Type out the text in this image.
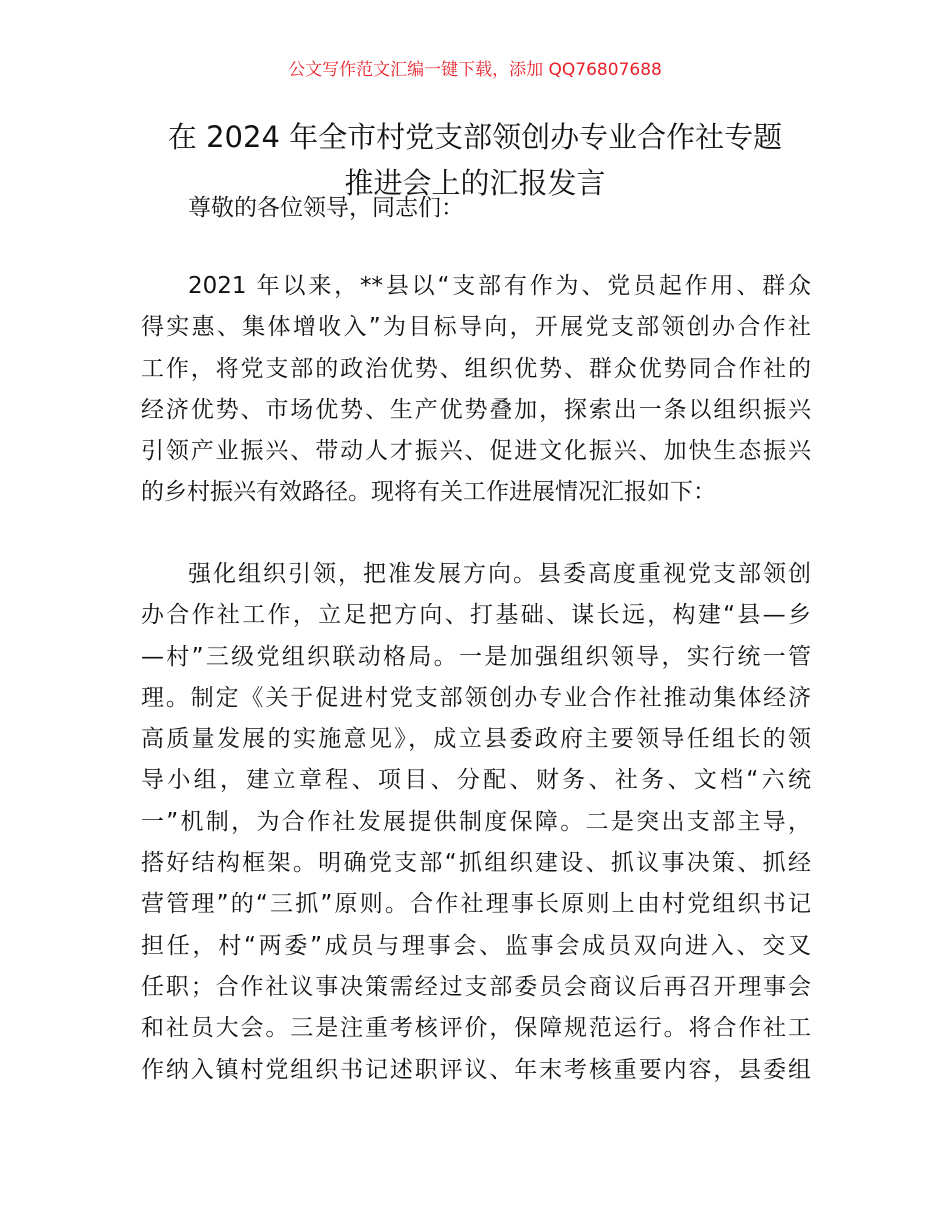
公文写作范文汇编一键下载，添加 QQ76807688
在 2024 年全市村党支部领创办专业合作社专题
推进会上的汇报发言
尊敬的各位领导，同志们：
2021 年以来，**县以“支部有作为、党员起作用、群众
得实惠、集体增收入”为目标导向，开展党支部领创办合作社
工作，将党支部的政治优势、组织优势、群众优势同合作社的
经济优势、市场优势、生产优势叠加，探索出一条以组织振兴
引领产业振兴、带动人才振兴、促进文化振兴、加快生态振兴
的乡村振兴有效路径。现将有关工作进展情况汇报如下：
强化组织引领，把准发展方向。县委高度重视党支部领创
办合作社工作，立足把方向、打基础、谋长远，构建“县—乡
—村”三级党组织联动格局。一是加强组织领导，实行统一管
理。制定《关于促进村党支部领创办专业合作社推动集体经济
高质量发展的实施意见》，成立县委政府主要领导任组长的领
导小组，建立章程、项目、分配、财务、社务、文档“六统
一”机制，为合作社发展提供制度保障。二是突出支部主导，
搭好结构框架。明确党支部“抓组织建设、抓议事决策、抓经
营管理”的“三抓”原则。合作社理事长原则上由村党组织书记
担任，村“两委”成员与理事会、监事会成员双向进入、交叉
任职；合作社议事决策需经过支部委员会商议后再召开理事会
和社员大会。三是注重考核评价，保障规范运行。将合作社工
作纳入镇村党组织书记述职评议、年末考核重要内容，县委组
